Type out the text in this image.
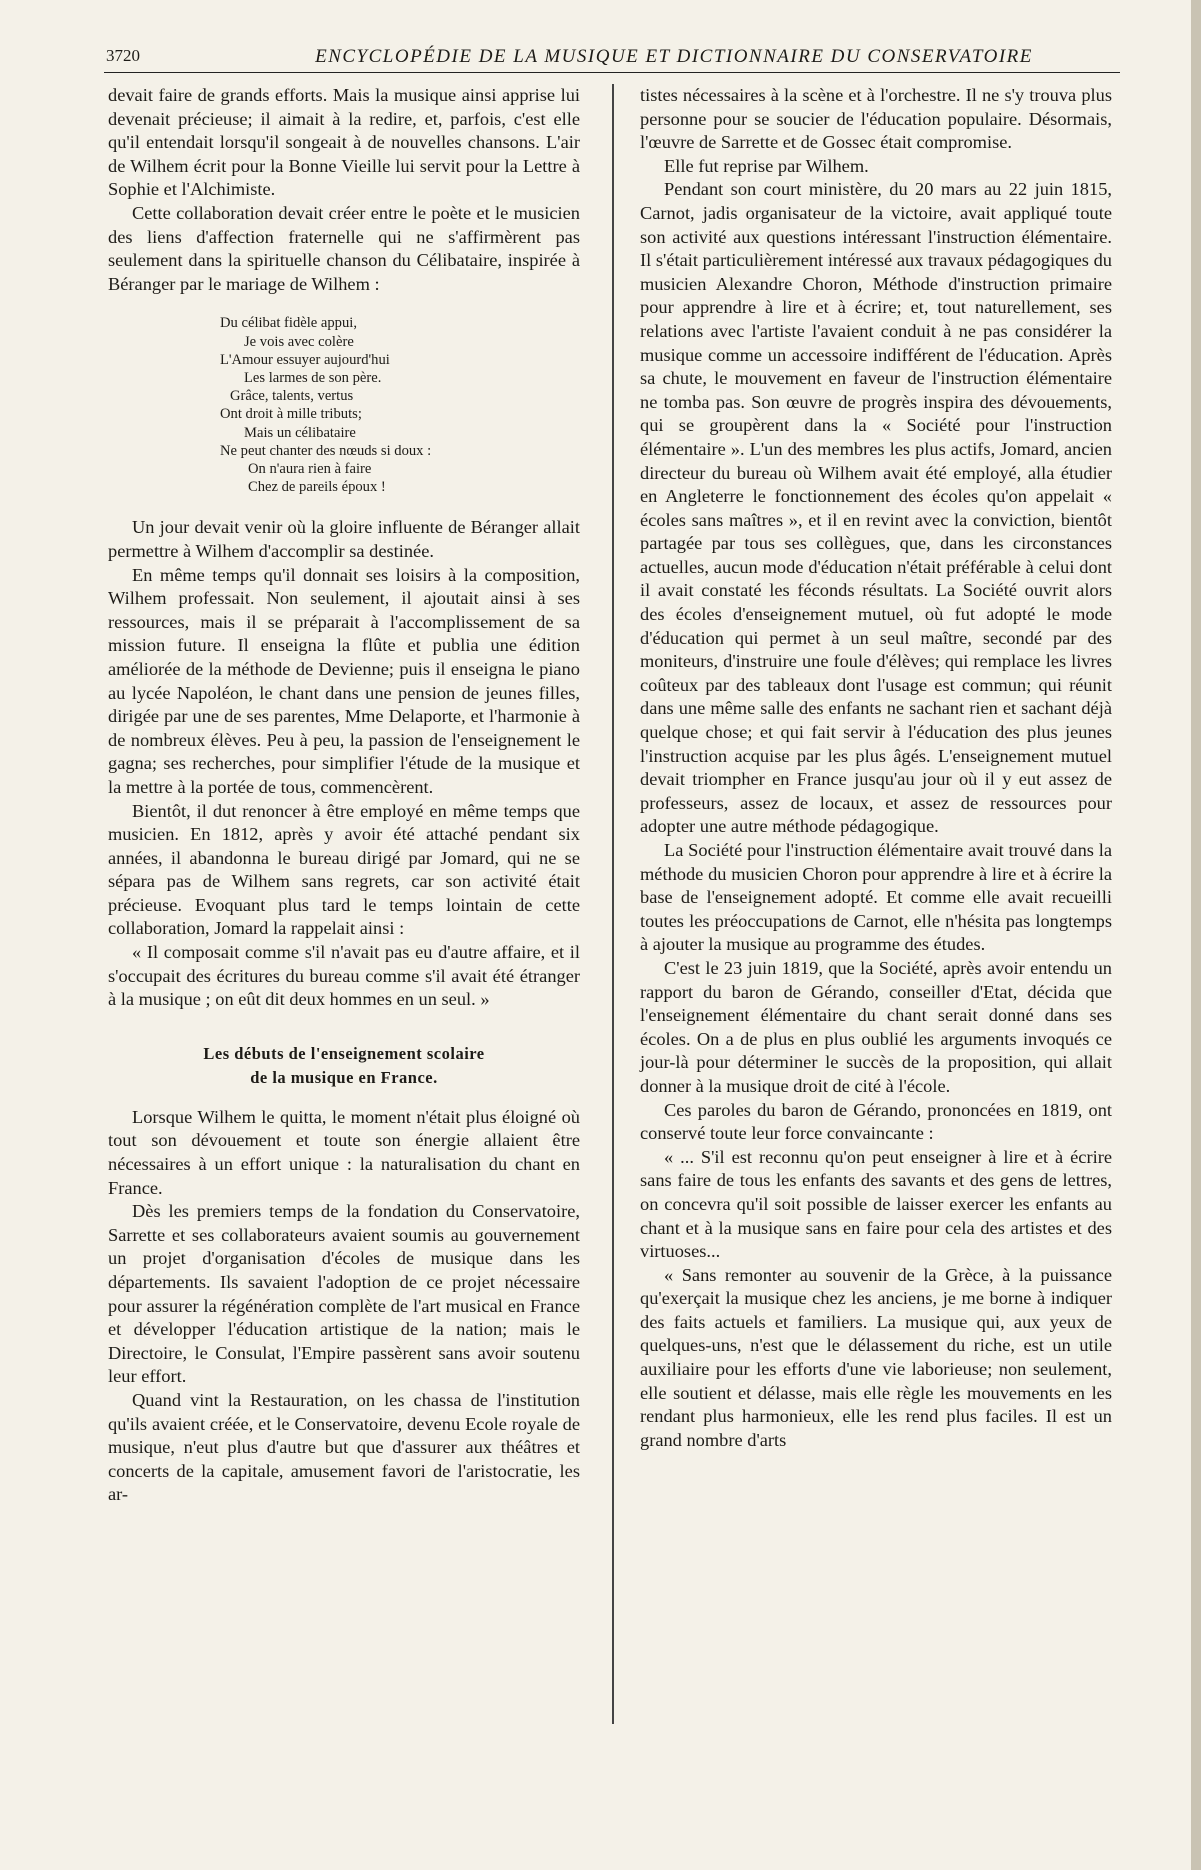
3720	ENCYCLOPÉDIE DE LA MUSIQUE ET DICTIONNAIRE DU CONSERVATOIRE

devait faire de grands efforts. Mais la musique ainsi apprise lui devenait précieuse; il aimait à la redire, et, parfois, c'est elle qu'il entendait lorsqu'il songeait à de nouvelles chansons. L'air de Wilhem écrit pour la Bonne Vieille lui servit pour la Lettre à Sophie et l'Alchimiste.

Cette collaboration devait créer entre le poète et le musicien des liens d'affection fraternelle qui ne s'affirmèrent pas seulement dans la spirituelle chanson du Célibataire, inspirée à Béranger par le mariage de Wilhem :

Du célibat fidèle appui,
Je vois avec colère
L'Amour essuyer aujourd'hui
Les larmes de son père.
Grâce, talents, vertus
Ont droit à mille tributs;
Mais un célibataire
Ne peut chanter des nœuds si doux :
On n'aura rien à faire
Chez de pareils époux !

Un jour devait venir où la gloire influente de Béranger allait permettre à Wilhem d'accomplir sa destinée.

En même temps qu'il donnait ses loisirs à la composition, Wilhem professait. Non seulement, il ajoutait ainsi à ses ressources, mais il se préparait à l'accomplissement de sa mission future. Il enseigna la flûte et publia une édition améliorée de la méthode de Devienne; puis il enseigna le piano au lycée Napoléon, le chant dans une pension de jeunes filles, dirigée par une de ses parentes, Mme Delaporte, et l'harmonie à de nombreux élèves. Peu à peu, la passion de l'enseignement le gagna; ses recherches, pour simplifier l'étude de la musique et la mettre à la portée de tous, commencèrent.

Bientôt, il dut renoncer à être employé en même temps que musicien. En 1812, après y avoir été attaché pendant six années, il abandonna le bureau dirigé par Jomard, qui ne se sépara pas de Wilhem sans regrets, car son activité était précieuse. Evoquant plus tard le temps lointain de cette collaboration, Jomard la rappelait ainsi :

« Il composait comme s'il n'avait pas eu d'autre affaire, et il s'occupait des écritures du bureau comme s'il avait été étranger à la musique ; on eût dit deux hommes en un seul. »

Les débuts de l'enseignement scolaire
de la musique en France.

Lorsque Wilhem le quitta, le moment n'était plus éloigné où tout son dévouement et toute son énergie allaient être nécessaires à un effort unique : la naturalisation du chant en France.

Dès les premiers temps de la fondation du Conservatoire, Sarrette et ses collaborateurs avaient soumis au gouvernement un projet d'organisation d'écoles de musique dans les départements. Ils savaient l'adoption de ce projet nécessaire pour assurer la régénération complète de l'art musical en France et développer l'éducation artistique de la nation; mais le Directoire, le Consulat, l'Empire passèrent sans avoir soutenu leur effort.

Quand vint la Restauration, on les chassa de l'institution qu'ils avaient créée, et le Conservatoire, devenu Ecole royale de musique, n'eut plus d'autre but que d'assurer aux théâtres et concerts de la capitale, amusement favori de l'aristocratie, les ar-

tistes nécessaires à la scène et à l'orchestre. Il ne s'y trouva plus personne pour se soucier de l'éducation populaire. Désormais, l'œuvre de Sarrette et de Gossec était compromise.

Elle fut reprise par Wilhem.

Pendant son court ministère, du 20 mars au 22 juin 1815, Carnot, jadis organisateur de la victoire, avait appliqué toute son activité aux questions intéressant l'instruction élémentaire. Il s'était particulièrement intéressé aux travaux pédagogiques du musicien Alexandre Choron, Méthode d'instruction primaire pour apprendre à lire et à écrire; et, tout naturellement, ses relations avec l'artiste l'avaient conduit à ne pas considérer la musique comme un accessoire indifférent de l'éducation. Après sa chute, le mouvement en faveur de l'instruction élémentaire ne tomba pas. Son œuvre de progrès inspira des dévouements, qui se groupèrent dans la « Société pour l'instruction élémentaire ». L'un des membres les plus actifs, Jomard, ancien directeur du bureau où Wilhem avait été employé, alla étudier en Angleterre le fonctionnement des écoles qu'on appelait « écoles sans maîtres », et il en revint avec la conviction, bientôt partagée par tous ses collègues, que, dans les circonstances actuelles, aucun mode d'éducation n'était préférable à celui dont il avait constaté les féconds résultats. La Société ouvrit alors des écoles d'enseignement mutuel, où fut adopté le mode d'éducation qui permet à un seul maître, secondé par des moniteurs, d'instruire une foule d'élèves; qui remplace les livres coûteux par des tableaux dont l'usage est commun; qui réunit dans une même salle des enfants ne sachant rien et sachant déjà quelque chose; et qui fait servir à l'éducation des plus jeunes l'instruction acquise par les plus âgés. L'enseignement mutuel devait triompher en France jusqu'au jour où il y eut assez de professeurs, assez de locaux, et assez de ressources pour adopter une autre méthode pédagogique.

La Société pour l'instruction élémentaire avait trouvé dans la méthode du musicien Choron pour apprendre à lire et à écrire la base de l'enseignement adopté. Et comme elle avait recueilli toutes les préoccupations de Carnot, elle n'hésita pas longtemps à ajouter la musique au programme des études.

C'est le 23 juin 1819, que la Société, après avoir entendu un rapport du baron de Gérando, conseiller d'Etat, décida que l'enseignement élémentaire du chant serait donné dans ses écoles. On a de plus en plus oublié les arguments invoqués ce jour-là pour déterminer le succès de la proposition, qui allait donner à la musique droit de cité à l'école.

Ces paroles du baron de Gérando, prononcées en 1819, ont conservé toute leur force convaincante :

« ... S'il est reconnu qu'on peut enseigner à lire et à écrire sans faire de tous les enfants des savants et des gens de lettres, on concevra qu'il soit possible de laisser exercer les enfants au chant et à la musique sans en faire pour cela des artistes et des virtuoses...

« Sans remonter au souvenir de la Grèce, à la puissance qu'exerçait la musique chez les anciens, je me borne à indiquer des faits actuels et familiers. La musique qui, aux yeux de quelques-uns, n'est que le délassement du riche, est un utile auxiliaire pour les efforts d'une vie laborieuse; non seulement, elle soutient et délasse, mais elle règle les mouvements en les rendant plus harmonieux, elle les rend plus faciles. Il est un grand nombre d'arts
